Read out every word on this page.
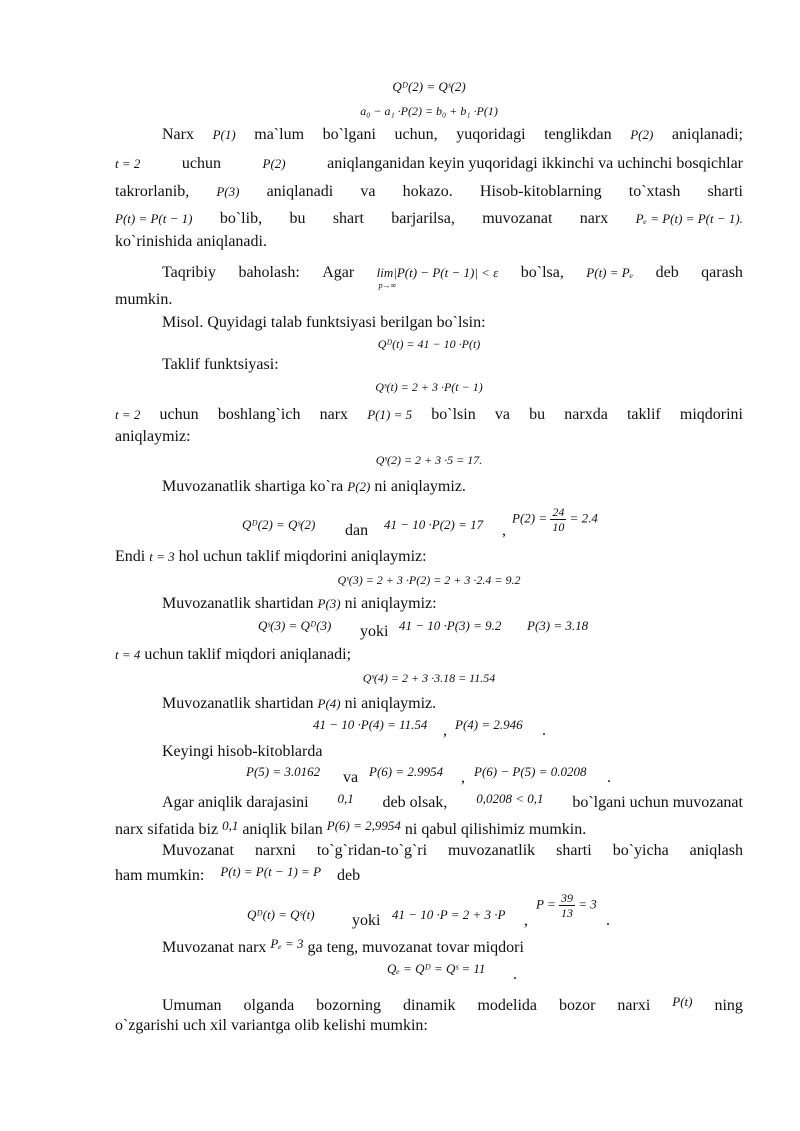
Qᴰ(2) = Qˢ(2)
a₀ − a₁ ·P(2) = b₀ + b₁ ·P(1)
Narx P(1) ma`lum bo`lgani uchun, yuqoridagi tenglikdan P(2) aniqlanadi;
t = 2	uchun	P(2)	aniqlanganidan keyin yuqoridagi ikkinchi va uchinchi bosqichlar
takrorlanib, P(3) aniqlanadi va hokazo. Hisob-kitoblarning to`xtash sharti
P(t) = P(t − 1) bo`lib, bu shart barjarilsa, muvozanat narx Pₑ = P(t) = P(t − 1).
ko`rinishida aniqlanadi.
Taqribiy baholash: Agar lim|P(t) − P(t − 1)| < ε
p→∞
bo`lsa, P(t) = Pₑ deb qarash
mumkin.
Misol. Quyidagi talab funktsiyasi berilgan bo`lsin:
Qᴰ(t) = 41 − 10 ·P(t)
Taklif funktsiyasi:
Qˢ(t) = 2 + 3 ·P(t − 1)
t = 2 uchun boshlang`ich narx P(1) = 5 bo`lsin va bu narxda taklif miqdorini
aniqlaymiz:
Qˢ(2) = 2 + 3 ·5 = 17.
Muvozanatlik shartiga ko`ra P(2) ni aniqlaymiz.
Qᴰ(2) = Qˢ(2) dan 41 − 10 ·P(2) = 17 ,
$P(2) = \frac{24}{10} = 2.4$
Endi t = 3 hol uchun taklif miqdorini aniqlaymiz:
Qˢ(3) = 2 + 3 ·P(2) = 2 + 3 ·2.4 = 9.2
Muvozanatlik shartidan P(3) ni aniqlaymiz:
Qˢ(3) = Qᴰ(3) yoki 41 − 10 ·P(3) = 9.2 P(3) = 3.18
t = 4 uchun taklif miqdori aniqlanadi;
Qˢ(4) = 2 + 3 ·3.18 = 11.54
Muvozanatlik shartidan P(4) ni aniqlaymiz.
41 − 10 ·P(4) = 11.54 , P(4) = 2.946 .
Keyingi hisob-kitoblarda
P(5) = 3.0162 va P(6) = 2.9954 , P(6) − P(5) = 0.0208 .
Agar aniqlik darajasini 0,1 deb olsak, 0,0208 < 0,1 bo`lgani uchun muvozanat
narx sifatida biz $^{0,1}$ aniqlik bilan $^{P(6) = 2,9954}$ ni qabul qilishimiz mumkin.
Muvozanat narxni to`g`ridan-to`g`ri muvozanatlik sharti bo`yicha aniqlash
ham mumkin: $^{P(t) = P(t - 1) = P}$ deb
Qᴰ(t) = Qˢ(t) yoki 41 − 10 ·P = 2 + 3 ·P ,
$P = \frac{39}{13} = 3$
.
Muvozanat narx $^{P_e = 3}$ ga teng, muvozanat tovar miqdori
Qₑ = Qᴰ = Qˢ = 11 .
Umuman olganda bozorning dinamik modelida bozor narxi P(t) ning
o`zgarishi uch xil variantga olib kelishi mumkin:
